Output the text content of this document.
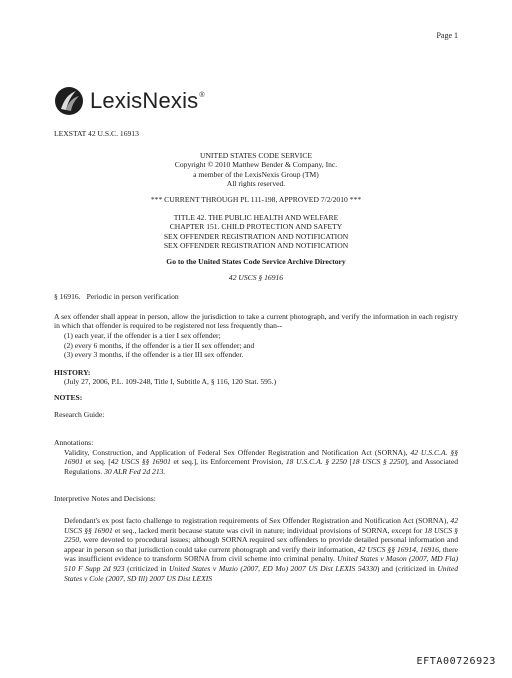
Page 1
LexisNexis®

LEXSTAT 42 U.S.C. 16913

UNITED STATES CODE SERVICE

Copyright © 2010 Matthew Bender & Company, Inc.

a member of the LexisNexis Group (TM)

All rights reserved.

*** CURRENT THROUGH PL 111-198, APPROVED 7/2/2010 ***

TITLE 42. THE PUBLIC HEALTH AND WELFARE

CHAPTER 151. CHILD PROTECTION AND SAFETY

SEX OFFENDER REGISTRATION AND NOTIFICATION

SEX OFFENDER REGISTRATION AND NOTIFICATION

Go to the United States Code Service Archive Directory

42 USCS § 16916

§ 16916. Periodic in person verification

A sex offender shall appear in person, allow the jurisdiction to take a current photograph, and verify the information in each registry in which that offender is required to be registered not less frequently than--

(1) each year, if the offender is a tier I sex offender;

(2) every 6 months, if the offender is a tier II sex offender; and

(3) every 3 months, if the offender is a tier III sex offender.

HISTORY:

(July 27, 2006, P.L. 109-248, Title I, Subtitle A, § 116, 120 Stat. 595.)

NOTES:

Research Guide:

Annotations:

Validity, Construction, and Application of Federal Sex Offender Registration and Notification Act (SORNA), 42 U.S.C.A. §§ 16901 et seq. [42 USCS §§ 16901 et seq.], its Enforcement Provision, 18 U.S.C.A. § 2250 [18 USCS § 2250], and Associated Regulations. 30 ALR Fed 2d 213.

Interpretive Notes and Decisions:

Defendant's ex post facto challenge to registration requirements of Sex Offender Registration and Notification Act (SORNA), 42 USCS §§ 16901 et seq., lacked merit because statute was civil in nature; individual provisions of SORNA, except for 18 USCS § 2250, were devoted to procedural issues; although SORNA required sex offenders to provide detailed personal information and appear in person so that jurisdiction could take current photograph and verify their information, 42 USCS §§ 16914, 16916, there was insufficient evidence to transform SORNA from civil scheme into criminal penalty. United States v Mason (2007, MD Fla) 510 F Supp 2d 923 (criticized in United States v Muzio (2007, ED Mo) 2007 US Dist LEXIS 54330) and (criticized in United States v Cole (2007, SD Ill) 2007 US Dist LEXIS

EFTA00726923
